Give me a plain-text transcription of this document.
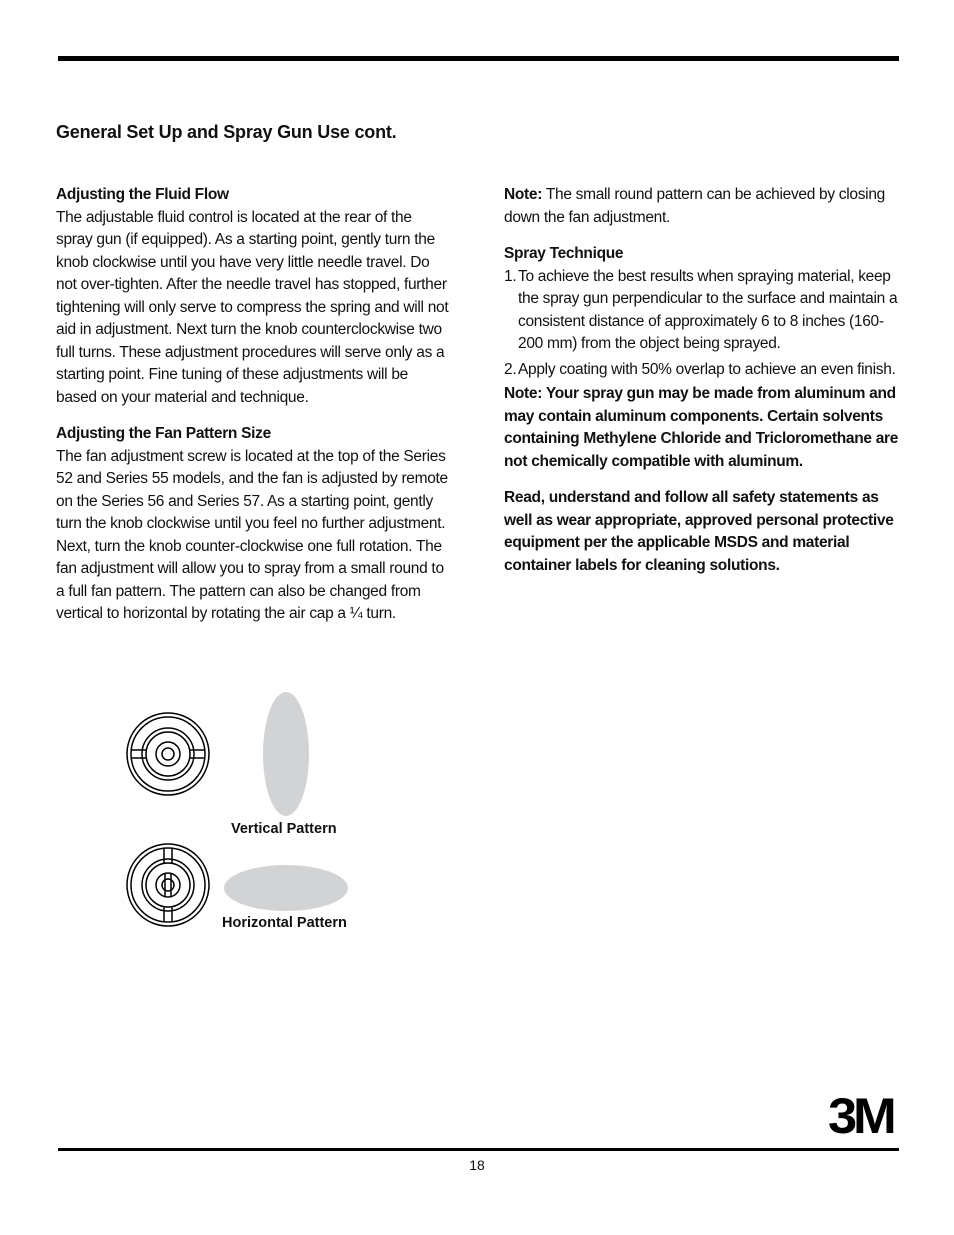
General Set Up and Spray Gun Use cont.
Adjusting the Fluid Flow

The adjustable fluid control is located at the rear of the spray gun (if equipped). As a starting point, gently turn the knob clockwise until you have very little needle travel. Do not over-tighten. After the needle travel has stopped, further tightening will only serve to compress the spring and will not aid in adjustment. Next turn the knob counterclockwise two full turns. These adjustment procedures will serve only as a starting point. Fine tuning of these adjustments will be based on your material and technique.

Adjusting the Fan Pattern Size

The fan adjustment screw is located at the top of the Series 52 and Series 55 models, and the fan is adjusted by remote on the Series 56 and Series 57. As a starting point, gently turn the knob clockwise until you feel no further adjustment. Next, turn the knob counter-clockwise one full rotation. The fan adjustment will allow you to spray from a small round to a full fan pattern. The pattern can also be changed from vertical to horizontal by rotating the air cap a ¼ turn.

Note: The small round pattern can be achieved by closing down the fan adjustment.

Spray Technique
1. To achieve the best results when spraying material, keep the spray gun perpendicular to the surface and maintain a consistent distance of approximately 6 to 8 inches (160-200 mm) from the object being sprayed.
2. Apply coating with 50% overlap to achieve an even finish.

Note: Your spray gun may be made from aluminum and may contain aluminum components. Certain solvents containing Methylene Chloride and Tricloromethane are not chemically compatible with aluminum.

Read, understand and follow all safety statements as well as wear appropriate, approved personal protective equipment per the applicable MSDS and material container labels for cleaning solutions.

Vertical Pattern
Horizontal Pattern
3M
18
